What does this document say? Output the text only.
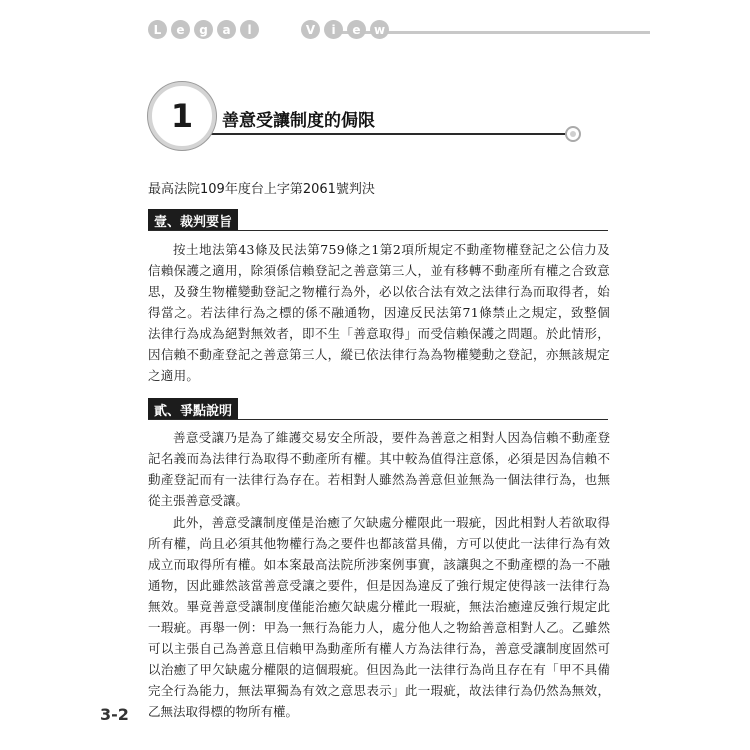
L	e	g	a	l	V	i	e	w
1 善意受讓制度的侷限
最高法院109年度台上字第2061號判決
壹、裁判要旨

按土地法第43條及民法第759條之1第2項所規定不動產物權登記之公信力及信賴保護之適用，除須係信賴登記之善意第三人，並有移轉不動產所有權之合致意思，及發生物權變動登記之物權行為外，必以依合法有效之法律行為而取得者，始得當之。若法律行為之標的係不融通物，因違反民法第71條禁止之規定，致整個法律行為成為絕對無效者，即不生「善意取得」而受信賴保護之問題。於此情形，因信賴不動產登記之善意第三人，縱已依法律行為為物權變動之登記，亦無該規定之適用。

貳、爭點說明

善意受讓乃是為了維護交易安全所設，要件為善意之相對人因為信賴不動產登記名義而為法律行為取得不動產所有權。其中較為值得注意係，必須是因為信賴不動產登記而有一法律行為存在。若相對人雖然為善意但並無為一個法律行為，也無從主張善意受讓。

此外，善意受讓制度僅是治癒了欠缺處分權限此一瑕疵，因此相對人若欲取得所有權，尚且必須其他物權行為之要件也都該當具備，方可以使此一法律行為有效成立而取得所有權。如本案最高法院所涉案例事實，該讓與之不動產標的為一不融通物，因此雖然該當善意受讓之要件，但是因為違反了強行規定使得該一法律行為無效。畢竟善意受讓制度僅能治癒欠缺處分權此一瑕疵，無法治癒違反強行規定此一瑕疵。再舉一例：甲為一無行為能力人，處分他人之物給善意相對人乙。乙雖然可以主張自己為善意且信賴甲為動產所有權人方為法律行為，善意受讓制度固然可以治癒了甲欠缺處分權限的這個瑕疵。但因為此一法律行為尚且存在有「甲不具備完全行為能力，無法單獨為有效之意思表示」此一瑕疵，故法律行為仍然為無效，乙無法取得標的物所有權。

3-2
